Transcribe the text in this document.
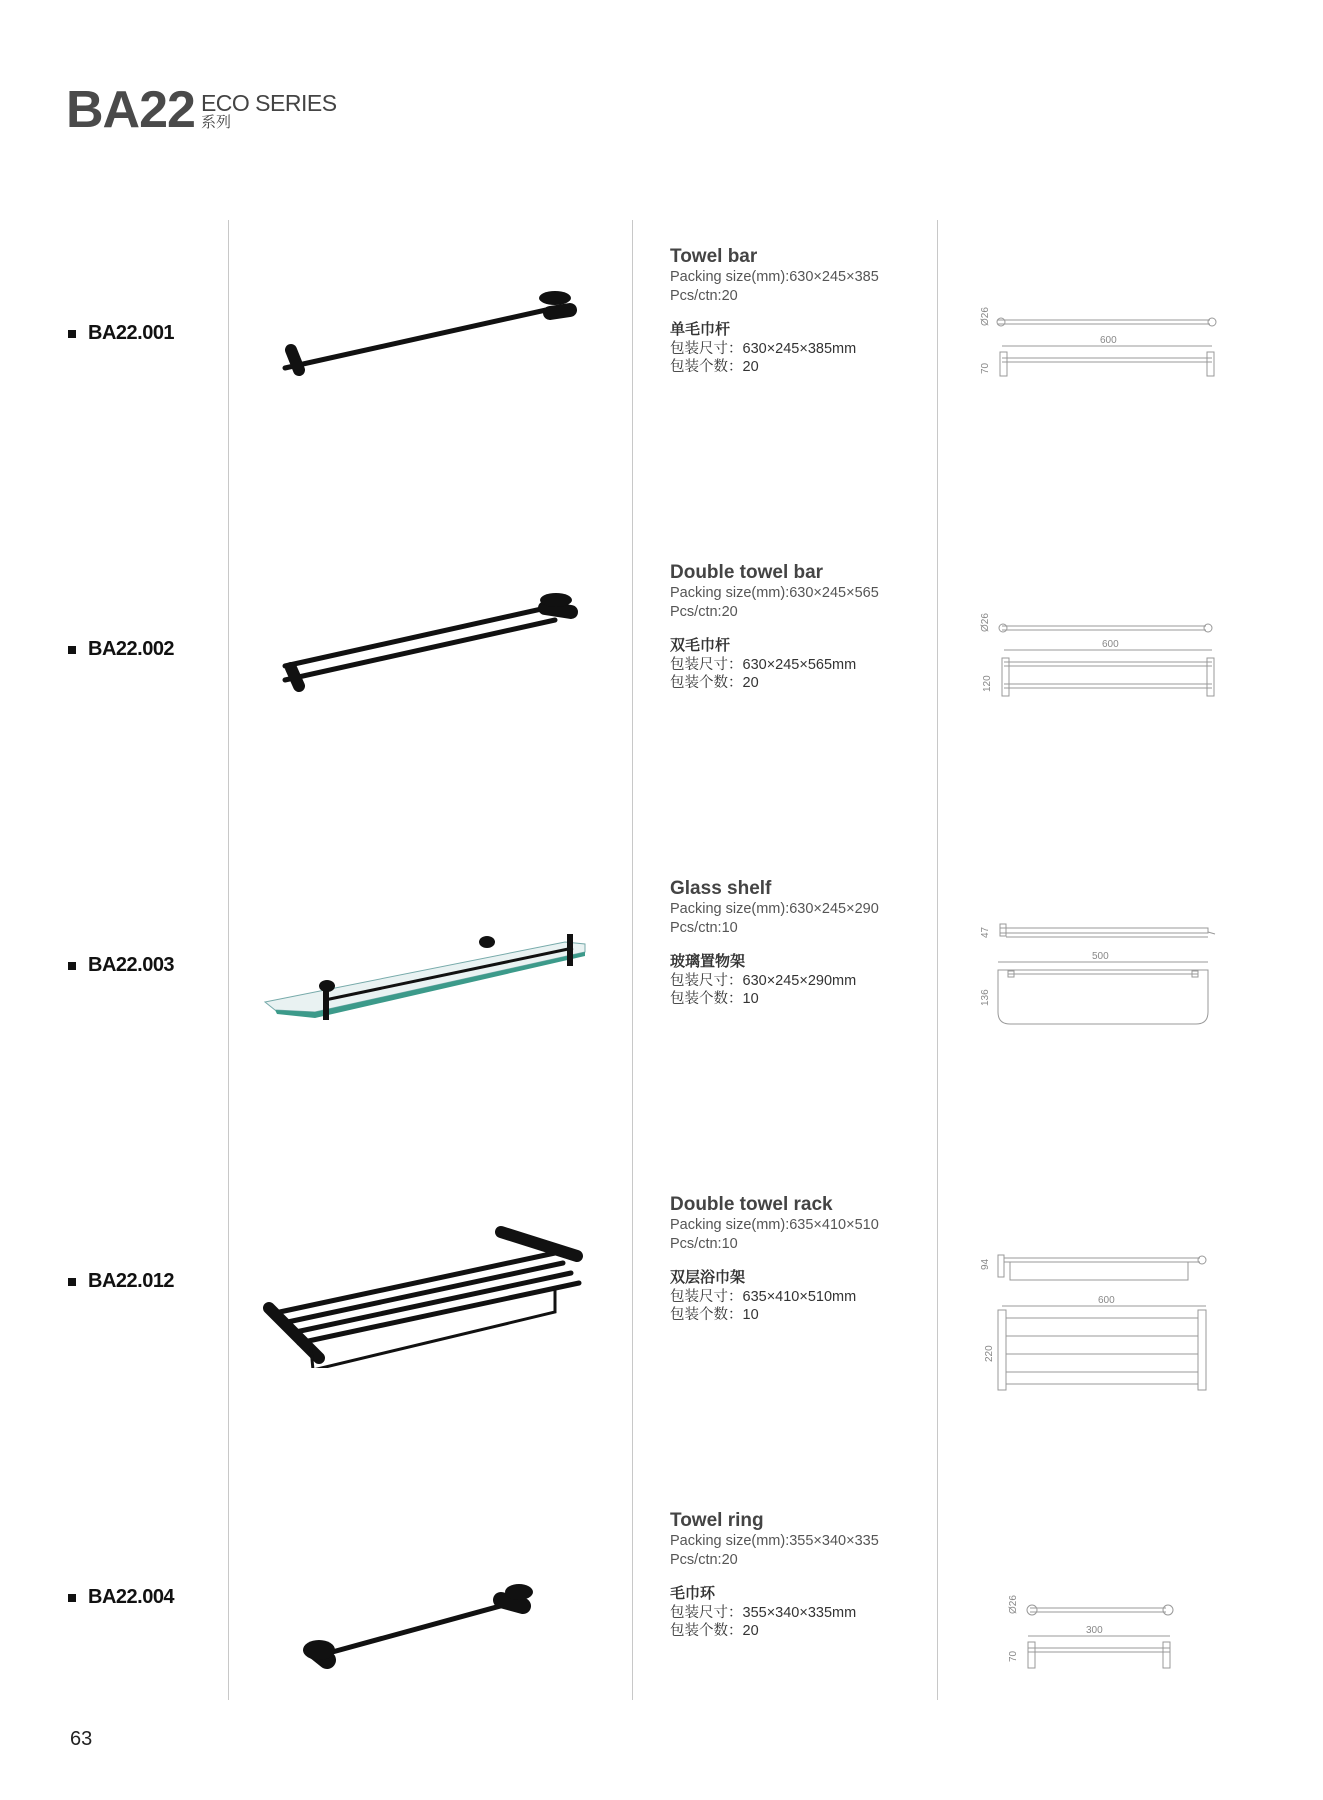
BA22 ECO SERIES
系列
BA22.001
Towel bar
Packing size(mm):630×245×385
Pcs/ctn:20
单毛巾杆
包装尺寸：630×245×385mm
包装个数：20
Ø26
600
70
BA22.002
Double towel bar
Packing size(mm):630×245×565
Pcs/ctn:20
双毛巾杆
包装尺寸：630×245×565mm
包装个数：20
Ø26
600
120
BA22.003
Glass shelf
Packing size(mm):630×245×290
Pcs/ctn:10
玻璃置物架
包装尺寸：630×245×290mm
包装个数：10
47
500
136
BA22.012
Double towel rack
Packing size(mm):635×410×510
Pcs/ctn:10
双层浴巾架
包装尺寸：635×410×510mm
包装个数：10
94
600
220
BA22.004
Towel ring
Packing size(mm):355×340×335
Pcs/ctn:20
毛巾环
包装尺寸：355×340×335mm
包装个数：20
Ø26
300
70
63
